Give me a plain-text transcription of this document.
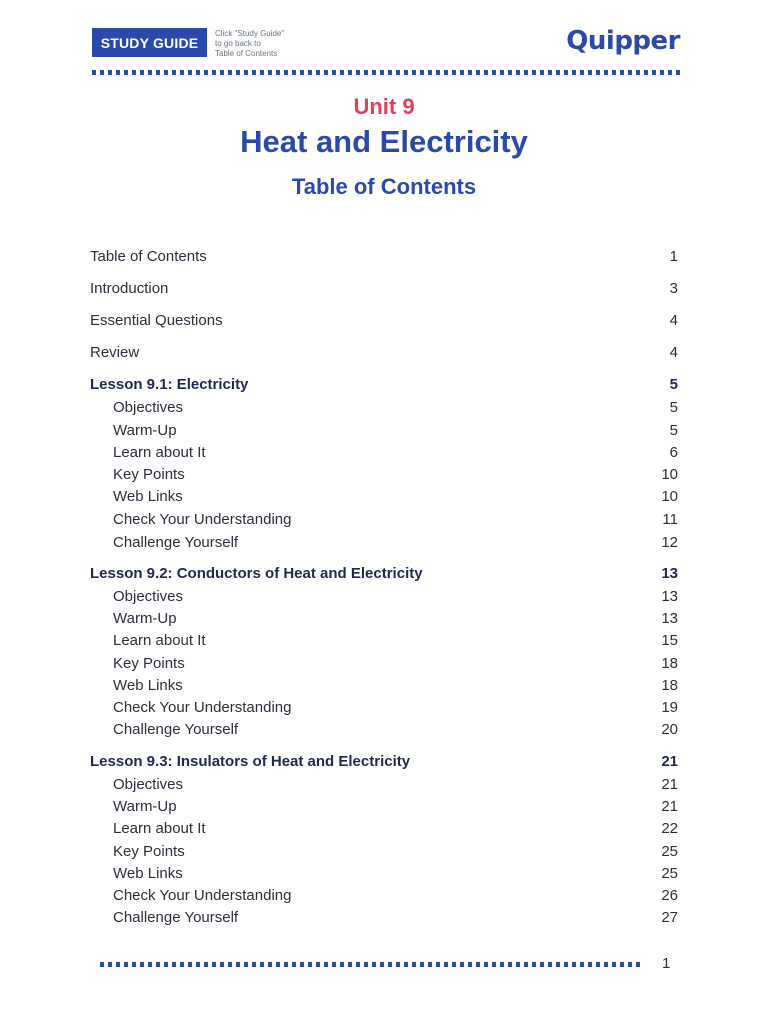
STUDY GUIDE
Click "Study Guide"
to go back to
Table of Contents	Quipper
Unit 9
Heat and Electricity
Table of Contents
Table of Contents	1
Introduction	3
Essential Questions	4
Review	4
Lesson 9.1: Electricity	5
Objectives	5
Warm-Up	5
Learn about It	6
Key Points	10
Web Links	10
Check Your Understanding	11
Challenge Yourself	12
Lesson 9.2: Conductors of Heat and Electricity	13
Objectives	13
Warm-Up	13
Learn about It	15
Key Points	18
Web Links	18
Check Your Understanding	19
Challenge Yourself	20
Lesson 9.3: Insulators of Heat and Electricity	21
Objectives	21
Warm-Up	21
Learn about It	22
Key Points	25
Web Links	25
Check Your Understanding	26
Challenge Yourself	27
1
